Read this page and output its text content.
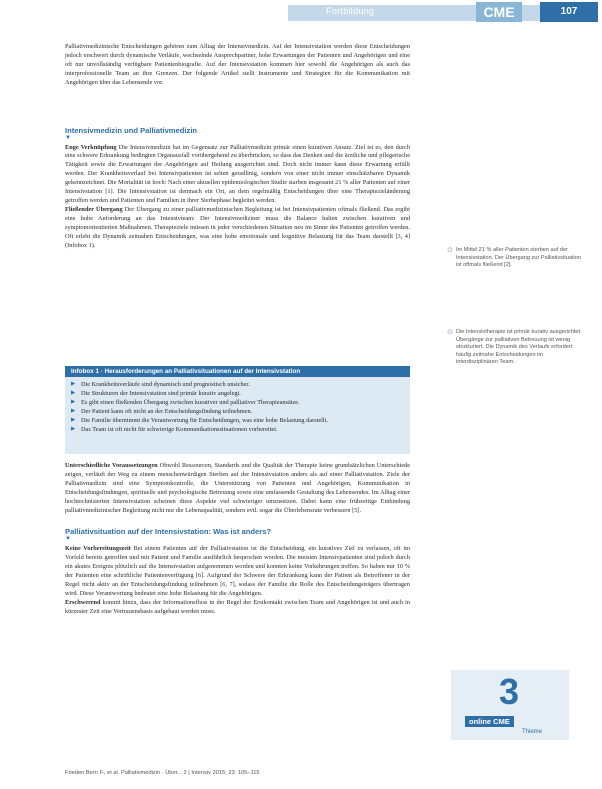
Fortbildung	CME	107

Palliativmedizinische Entscheidungen gehören zum Alltag der Intensivmedizin. Auf der Intensivstation werden diese Entscheidungen jedoch erschwert durch dynamische Verläufe, wechselnde Ansprechpartner, hohe Erwartungen der Patienten und Angehörigen und eine oft nur unvollständig verfügbare Patientenbiografie. Auf der Intensivstation kommen hier sowohl die Angehörigen als auch das interprofessionelle Team an ihre Grenzen. Der folgende Artikel stellt Instrumente und Strategien für die Kommunikation mit Angehörigen über das Lebensende vor.

Intensivmedizin und Palliativmedizin
▼

Enge Verknüpfung Die Intensivmedizin hat im Gegensatz zur Palliativmedizin primär einen kurativen Ansatz. Ziel ist es, den durch eine schwere Erkrankung bedingten Organausfall vorübergehend zu überbrücken, so dass das Denken und die ärztliche und pflegerische Tätigkeit sowie die Erwartungen der Angehörigen auf Heilung ausgerichtet sind. Doch nicht immer kann diese Erwartung erfüllt werden. Der Krankheitsverlauf bei Intensivpatienten ist selten geradlinig, sondern von einer nicht immer einschätzbaren Dynamik gekennzeichnet. Die Mortalität ist hoch: Nach einer aktuellen epidemiologischen Studie starben insgesamt 21 % aller Patienten auf einer Intensivstation [1]. Die Intensivstation ist demnach ein Ort, an dem regelmäßig Entscheidungen über eine Therapiezieländerung getroffen werden und Patienten und Familien in ihrer Sterbephase begleitet werden.

Fließender Übergang Der Übergang zu einer palliativmedizinischen Begleitung ist bei Intensivpatienten oftmals fließend. Das ergibt eine hohe Anforderung an das Intensivteam: Der Intensivmediziner muss die Balance halten zwischen kurativen und symptomorientierten Maßnahmen. Therapieziele müssen in jeder verschiedenen Situation neu im Sinne des Patienten getroffen werden. Oft erlebt die Dynamik zeitnahen Entscheidungen, was eine hohe emotionale und kognitive Belastung für das Team darstellt [3, 4] (Infobox 1).

Infobox 1 · Herausforderungen an Palliativsituationen auf der Intensivstation
▶ Die Krankheitsverläufe sind dynamisch und prognostisch unsicher.
▶ Die Strukturen der Intensivstation sind primär kurativ angelegt.
▶ Es gibt einen fließenden Übergang zwischen kurativer und palliativer Therapieansätze.
▶ Der Patient kann oft nicht an der Entscheidungsfindung teilnehmen.
▶ Die Familie übernimmt die Verantwortung für Entscheidungen, was eine hohe Belastung darstellt.
▶ Das Team ist oft nicht für schwierige Kommunikationssituationen vorbereitet.

Unterschiedliche Voraussetzungen Obwohl Ressourcen, Standards und die Qualität der Therapie keine grundsätzlichen Unterschiede zeigen, verläuft der Weg zu einem menschenwürdigen Sterben auf der Intensivstation anders als auf einer Palliativstation. Ziele der Palliativmedizin sind eine Symptomkontrolle, die Unterstützung von Patienten und Angehörigen, Kommunikation in Entscheidungsfindungen, spirituelle und psychologische Betreuung sowie eine umfassende Gestaltung des Lebensendes. Im Alltag einer hochtechnisierten Intensivstation scheinen diese Aspekte viel schwieriger umzusetzen. Dabei kann eine frühzeitige Einbindung palliativmedizinischer Begleitung nicht nur die Lebensqualität, sondern evtl. sogar die Überlebensrate verbessern [5].

Palliativsituation auf der Intensivstation: Was ist anders?
▼

Keine Vorbereitungszeit Bei einem Patienten auf der Palliativstation ist die Entscheidung, ein kuratives Ziel zu verlassen, oft im Vorfeld bereits getroffen und mit Patient und Familie ausführlich besprochen worden. Die meisten Intensivpatienten sind jedoch durch ein akutes Ereignis plötzlich auf die Intensivstation aufgenommen worden und konnten keine Vorkehrungen treffen. So haben nur 10 % der Patienten eine schriftliche Patientenverfügung [6]. Aufgrund der Schwere der Erkrankung kann der Patient als Betroffener in der Regel nicht aktiv an der Entscheidungsfindung teilnehmen [6, 7], sodass der Familie die Rolle des Entscheidungsträgers übertragen wird. Diese Verantwortung bedeutet eine hohe Belastung für die Angehörigen.

Erschwerend kommt hinzu, dass der Informationsfluss in der Regel der Erstkontakt zwischen Team und Angehörigen ist und auch in kürzester Zeit eine Vertrauensbasis aufgebaut werden muss.

⊙ Im Mittel 21 % aller Patienten sterben auf der Intensivstation. Der Übergang zur Palliativsituation ist oftmals fließend [2].
⊙ Die Intensivtherapie ist primär kurativ ausgerichtet. Übergänge zur palliativen Betreuung ist wenig strukturiert. Die Dynamik des Verlaufs erfordert häufig zeitnahe Entscheidungen im interdisziplinären Team.
3
online CME
Thieme
Frieden Bern F., et al. Palliativmedizin · Über... 2 | Intensiv 2015; 23: 105–115
